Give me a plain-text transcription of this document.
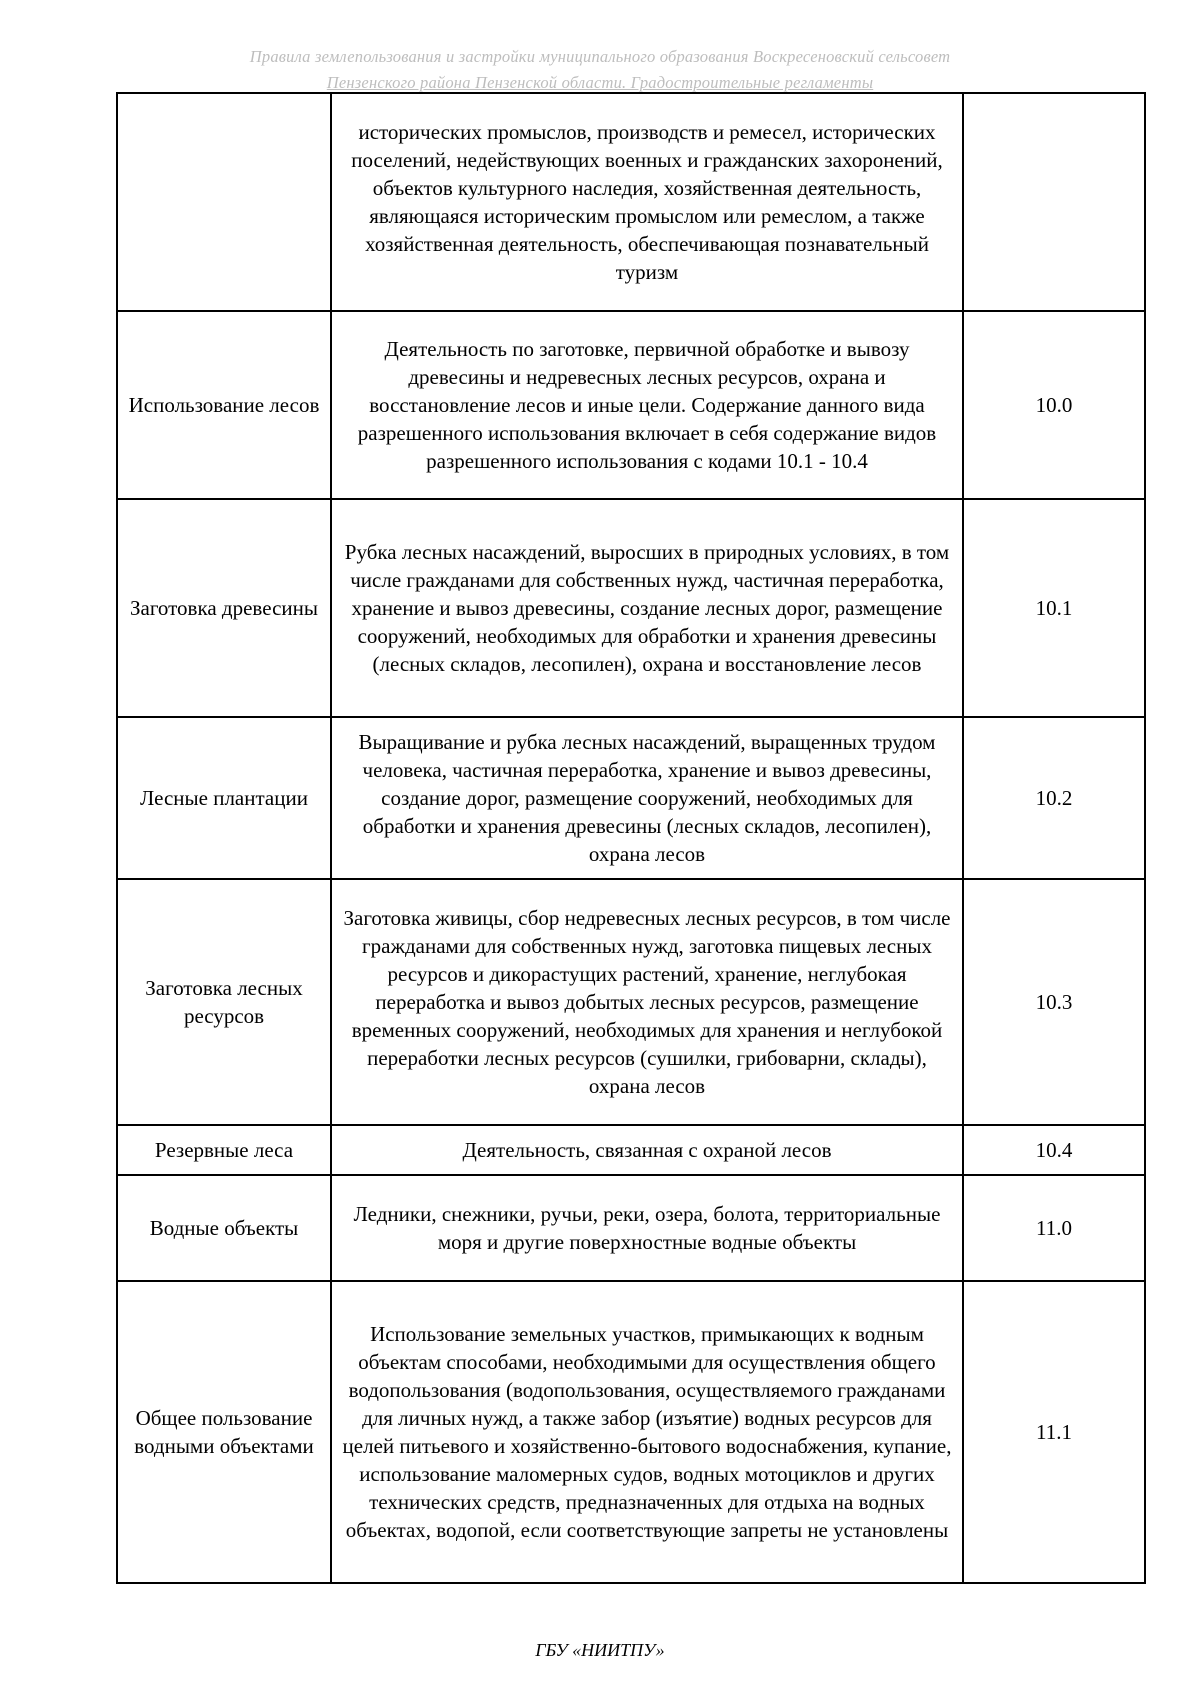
Правила землепользования и застройки муниципального образования Воскресеновский сельсовет
Пензенского района Пензенской области. Градостроительные регламенты
	исторических промыслов, производств и ремесел, исторических поселений, недействующих военных и гражданских захоронений, объектов культурного наследия, хозяйственная деятельность, являющаяся историческим промыслом или ремеслом, а также хозяйственная деятельность, обеспечивающая познавательный туризм	
Использование лесов	Деятельность по заготовке, первичной обработке и вывозу древесины и недревесных лесных ресурсов, охрана и восстановление лесов и иные цели. Содержание данного вида разрешенного использования включает в себя содержание видов разрешенного использования с кодами 10.1 - 10.4	10.0
Заготовка древесины	Рубка лесных насаждений, выросших в природных условиях, в том числе гражданами для собственных нужд, частичная переработка, хранение и вывоз древесины, создание лесных дорог, размещение сооружений, необходимых для обработки и хранения древесины (лесных складов, лесопилен), охрана и восстановление лесов	10.1
Лесные плантации	Выращивание и рубка лесных насаждений, выращенных трудом человека, частичная переработка, хранение и вывоз древесины, создание дорог, размещение сооружений, необходимых для обработки и хранения древесины (лесных складов, лесопилен), охрана лесов	10.2
Заготовка лесных ресурсов	Заготовка живицы, сбор недревесных лесных ресурсов, в том числе гражданами для собственных нужд, заготовка пищевых лесных ресурсов и дикорастущих растений, хранение, неглубокая переработка и вывоз добытых лесных ресурсов, размещение временных сооружений, необходимых для хранения и неглубокой переработки лесных ресурсов (сушилки, грибоварни, склады), охрана лесов	10.3
Резервные леса	Деятельность, связанная с охраной лесов	10.4
Водные объекты	Ледники, снежники, ручьи, реки, озера, болота, территориальные моря и другие поверхностные водные объекты	11.0
Общее пользование водными объектами	Использование земельных участков, примыкающих к водным объектам способами, необходимыми для осуществления общего водопользования (водопользования, осуществляемого гражданами для личных нужд, а также забор (изъятие) водных ресурсов для целей питьевого и хозяйственно-бытового водоснабжения, купание, использование маломерных судов, водных мотоциклов и других технических средств, предназначенных для отдыха на водных объектах, водопой, если соответствующие запреты не установлены	11.1
ГБУ «НИИТПУ»
